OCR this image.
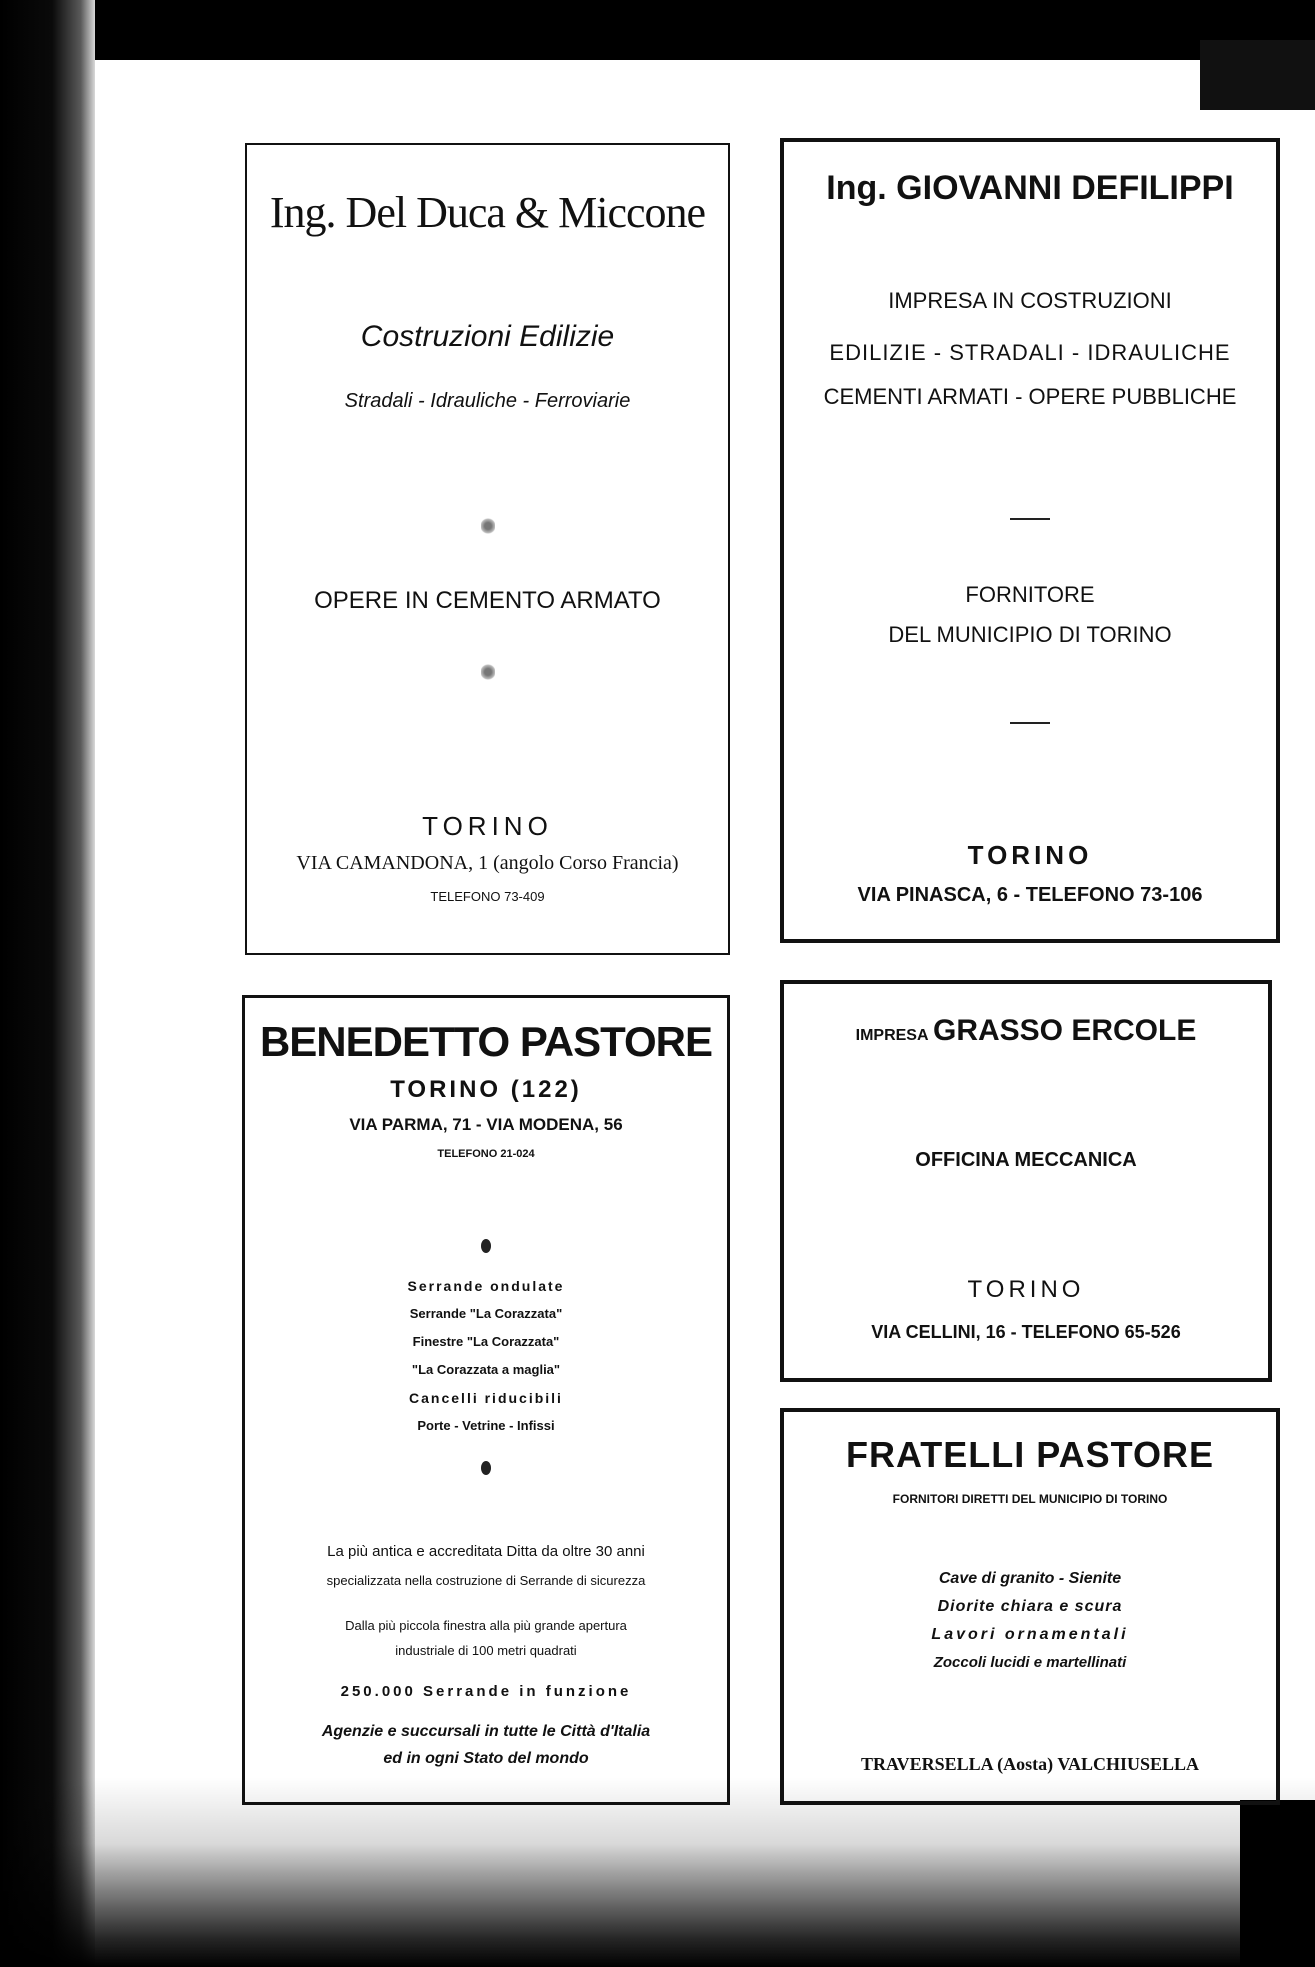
Ing. Del Duca & Miccone
Costruzioni Edilizie
Stradali - Idrauliche - Ferroviarie
OPERE IN CEMENTO ARMATO
TORINO
VIA CAMANDONA, 1 (angolo Corso Francia)
TELEFONO 73-409
Ing. GIOVANNI DEFILIPPI
IMPRESA IN COSTRUZIONI
EDILIZIE - STRADALI - IDRAULICHE
CEMENTI ARMATI - OPERE PUBBLICHE
FORNITORE
DEL MUNICIPIO DI TORINO
TORINO
VIA PINASCA, 6 - TELEFONO 73-106
BENEDETTO PASTORE
TORINO (122)
VIA PARMA, 71 - VIA MODENA, 56
TELEFONO 21-024
Serrande ondulate
Serrande "La Corazzata"
Finestre "La Corazzata"
"La Corazzata a maglia"
Cancelli riducibili
Porte - Vetrine - Infissi
La più antica e accreditata Ditta da oltre 30 anni
specializzata nella costruzione di Serrande di sicurezza
Dalla più piccola finestra alla più grande apertura
industriale di 100 metri quadrati
250.000 Serrande in funzione
Agenzie e succursali in tutte le Città d'Italia
ed in ogni Stato del mondo
IMPRESA GRASSO ERCOLE
OFFICINA MECCANICA
TORINO
VIA CELLINI, 16 - TELEFONO 65-526
FRATELLI PASTORE
FORNITORI DIRETTI DEL MUNICIPIO DI TORINO
Cave di granito - Sienite
Diorite chiara e scura
Lavori ornamentali
Zoccoli lucidi e martellinati
TRAVERSELLA (Aosta) VALCHIUSELLA
